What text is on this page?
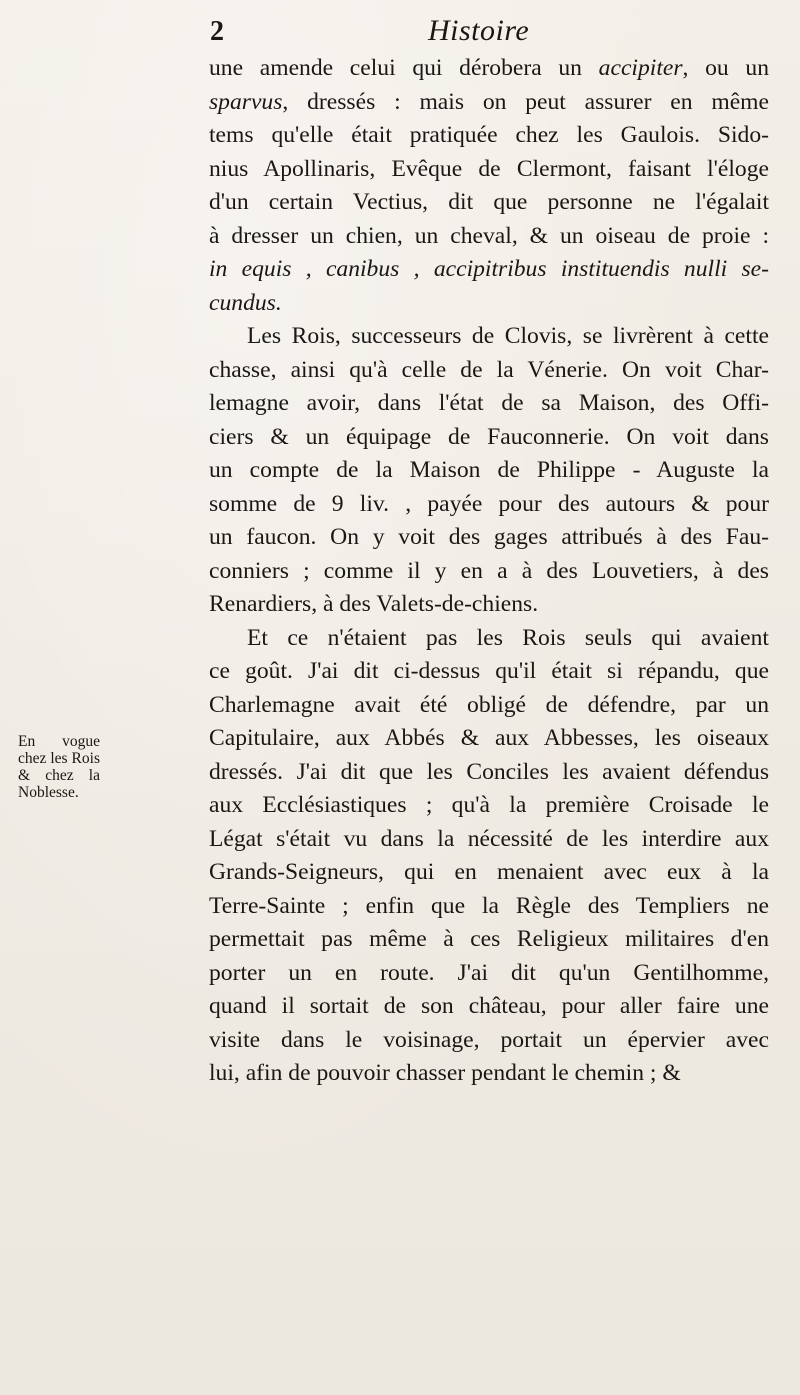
2	Histoire
En vogue
chez les Rois
& chez la
Noblesse.
une amende celui qui dérobera un accipiter, ou un
sparvus, dressés : mais on peut assurer en même
tems qu'elle était pratiquée chez les Gaulois. Sido-
nius Apollinaris, Evêque de Clermont, faisant l'éloge
d'un certain Vectius, dit que personne ne l'égalait
à dresser un chien, un cheval, & un oiseau de proie :
in equis , canibus , accipitribus instituendis nulli se-
cundus.
Les Rois, successeurs de Clovis, se livrèrent à cette
chasse, ainsi qu'à celle de la Vénerie. On voit Char-
lemagne avoir, dans l'état de sa Maison, des Offi-
ciers & un équipage de Fauconnerie. On voit dans
un compte de la Maison de Philippe - Auguste la
somme de 9 liv. , payée pour des autours & pour
un faucon. On y voit des gages attribués à des Fau-
conniers ; comme il y en a à des Louvetiers, à des
Renardiers, à des Valets-de-chiens.
Et ce n'étaient pas les Rois seuls qui avaient
ce goût. J'ai dit ci-dessus qu'il était si répandu, que
Charlemagne avait été obligé de défendre, par un
Capitulaire, aux Abbés & aux Abbesses, les oiseaux
dressés. J'ai dit que les Conciles les avaient défendus
aux Ecclésiastiques ; qu'à la première Croisade le
Légat s'était vu dans la nécessité de les interdire aux
Grands-Seigneurs, qui en menaient avec eux à la
Terre-Sainte ; enfin que la Règle des Templiers ne
permettait pas même à ces Religieux militaires d'en
porter un en route. J'ai dit qu'un Gentilhomme,
quand il sortait de son château, pour aller faire une
visite dans le voisinage, portait un épervier avec
lui, afin de pouvoir chasser pendant le chemin ; &
